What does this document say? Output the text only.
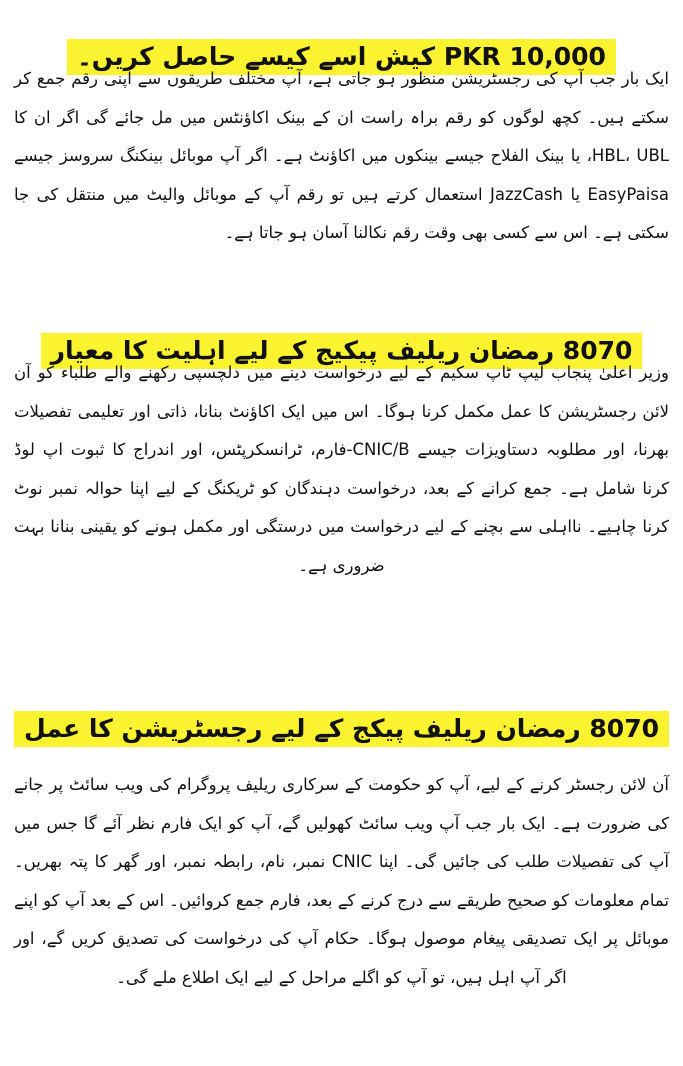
PKR 10,000 کیش اسے کیسے حاصل کریں۔

ایک بار جب آپ کی رجسٹریشن منظور ہو جاتی ہے، آپ مختلف طریقوں سے اپنی رقم جمع کر سکتے ہیں۔ کچھ لوگوں کو رقم براہ راست ان کے بینک اکاؤنٹس میں مل جائے گی اگر ان کا HBL، UBL، یا بینک الفلاح جیسے بینکوں میں اکاؤنٹ ہے۔ اگر آپ موبائل بینکنگ سروسز جیسے EasyPaisa یا JazzCash استعمال کرتے ہیں تو رقم آپ کے موبائل والیٹ میں منتقل کی جا سکتی ہے۔ اس سے کسی بھی وقت رقم نکالنا آسان ہو جاتا ہے۔

8070 رمضان ریلیف پیکیج کے لیے اہلیت کا معیار

وزیر اعلیٰ پنجاب لیپ ٹاپ سکیم کے لیے درخواست دینے میں دلچسپی رکھنے والے طلباء کو آن لائن رجسٹریشن کا عمل مکمل کرنا ہوگا۔ اس میں ایک اکاؤنٹ بنانا، ذاتی اور تعلیمی تفصیلات بھرنا، اور مطلوبہ دستاویزات جیسے CNIC/B-فارم، ٹرانسکرپٹس، اور اندراج کا ثبوت اپ لوڈ کرنا شامل ہے۔ جمع کرانے کے بعد، درخواست دہندگان کو ٹریکنگ کے لیے اپنا حوالہ نمبر نوٹ کرنا چاہیے۔ نااہلی سے بچنے کے لیے درخواست میں درستگی اور مکمل ہونے کو یقینی بنانا بہت ضروری ہے۔

8070 رمضان ریلیف پیکج کے لیے رجسٹریشن کا عمل

آن لائن رجسٹر کرنے کے لیے، آپ کو حکومت کے سرکاری ریلیف پروگرام کی ویب سائٹ پر جانے کی ضرورت ہے۔ ایک بار جب آپ ویب سائٹ کھولیں گے، آپ کو ایک فارم نظر آئے گا جس میں آپ کی تفصیلات طلب کی جائیں گی۔ اپنا CNIC نمبر، نام، رابطہ نمبر، اور گھر کا پتہ بھریں۔ تمام معلومات کو صحیح طریقے سے درج کرنے کے بعد، فارم جمع کروائیں۔ اس کے بعد آپ کو اپنے موبائل پر ایک تصدیقی پیغام موصول ہوگا۔ حکام آپ کی درخواست کی تصدیق کریں گے، اور اگر آپ اہل ہیں، تو آپ کو اگلے مراحل کے لیے ایک اطلاع ملے گی۔
